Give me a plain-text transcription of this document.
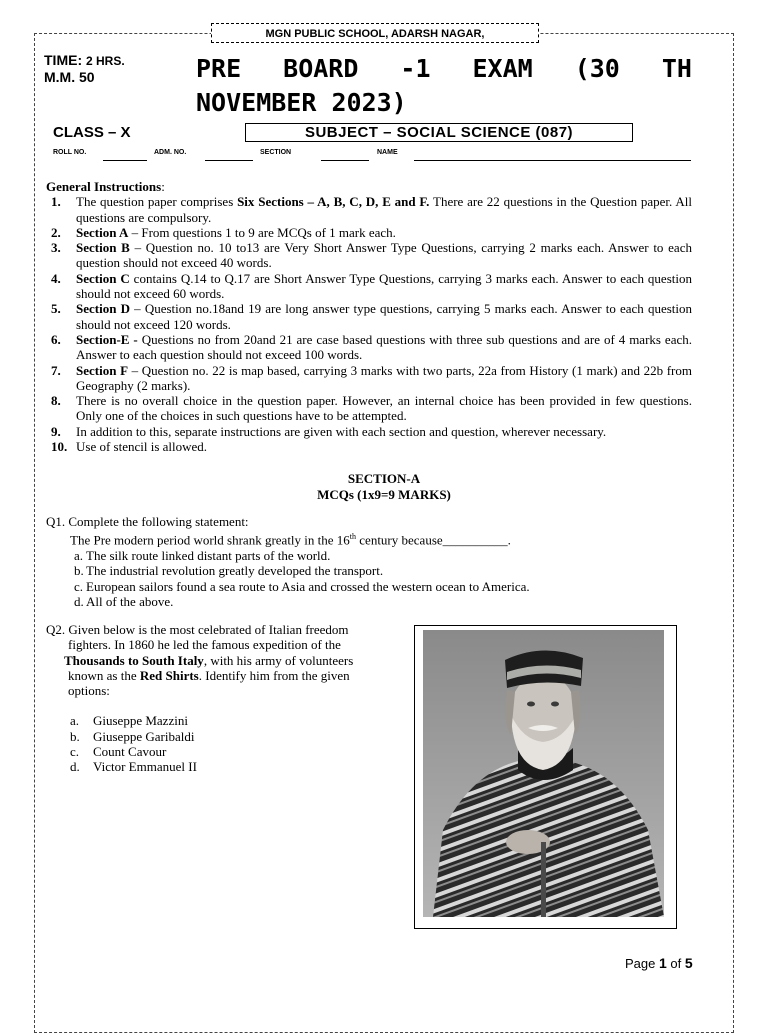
MGN PUBLIC SCHOOL, ADARSH NAGAR,
TIME: 2 HRS.
M.M. 50	PRE BOARD -1 EXAM (30 TH
NOVEMBER 2023)
CLASS – X	SUBJECT – SOCIAL SCIENCE (087)
ROLL NO.	ADM. NO.	SECTION	NAME
General Instructions:
1. The question paper comprises Six Sections – A, B, C, D, E and F. There are 22 questions in the Question paper. All questions are compulsory.
2. Section A – From questions 1 to 9 are MCQs of 1 mark each.
3. Section B – Question no. 10 to13 are Very Short Answer Type Questions, carrying 2 marks each. Answer to each question should not exceed 40 words.
4. Section C contains Q.14 to Q.17 are Short Answer Type Questions, carrying 3 marks each. Answer to each question should not exceed 60 words.
5. Section D – Question no.18and 19 are long answer type questions, carrying 5 marks each. Answer to each question should not exceed 120 words.
6. Section-E - Questions no from 20and 21 are case based questions with three sub questions and are of 4 marks each. Answer to each question should not exceed 100 words.
7. Section F – Question no. 22 is map based, carrying 3 marks with two parts, 22a from History (1 mark) and 22b from Geography (2 marks).
8. There is no overall choice in the question paper. However, an internal choice has been provided in few questions. Only one of the choices in such questions have to be attempted.
9. In addition to this, separate instructions are given with each section and question, wherever necessary.
10. Use of stencil is allowed.
SECTION-A
MCQs (1x9=9 MARKS)
Q1. Complete the following statement:
The Pre modern period world shrank greatly in the 16th century because__________.
a. The silk route linked distant parts of the world.
b. The industrial revolution greatly developed the transport.
c. European sailors found a sea route to Asia and crossed the western ocean to America.
d. All of the above.
Q2. Given below is the most celebrated of Italian freedom
fighters. In 1860 he led the famous expedition of the
Thousands to South Italy, with his army of volunteers
known as the Red Shirts. Identify him from the given
options:
a. Giuseppe Mazzini
b. Giuseppe Garibaldi
c. Count Cavour
d. Victor Emmanuel II
Page 1 of 5
